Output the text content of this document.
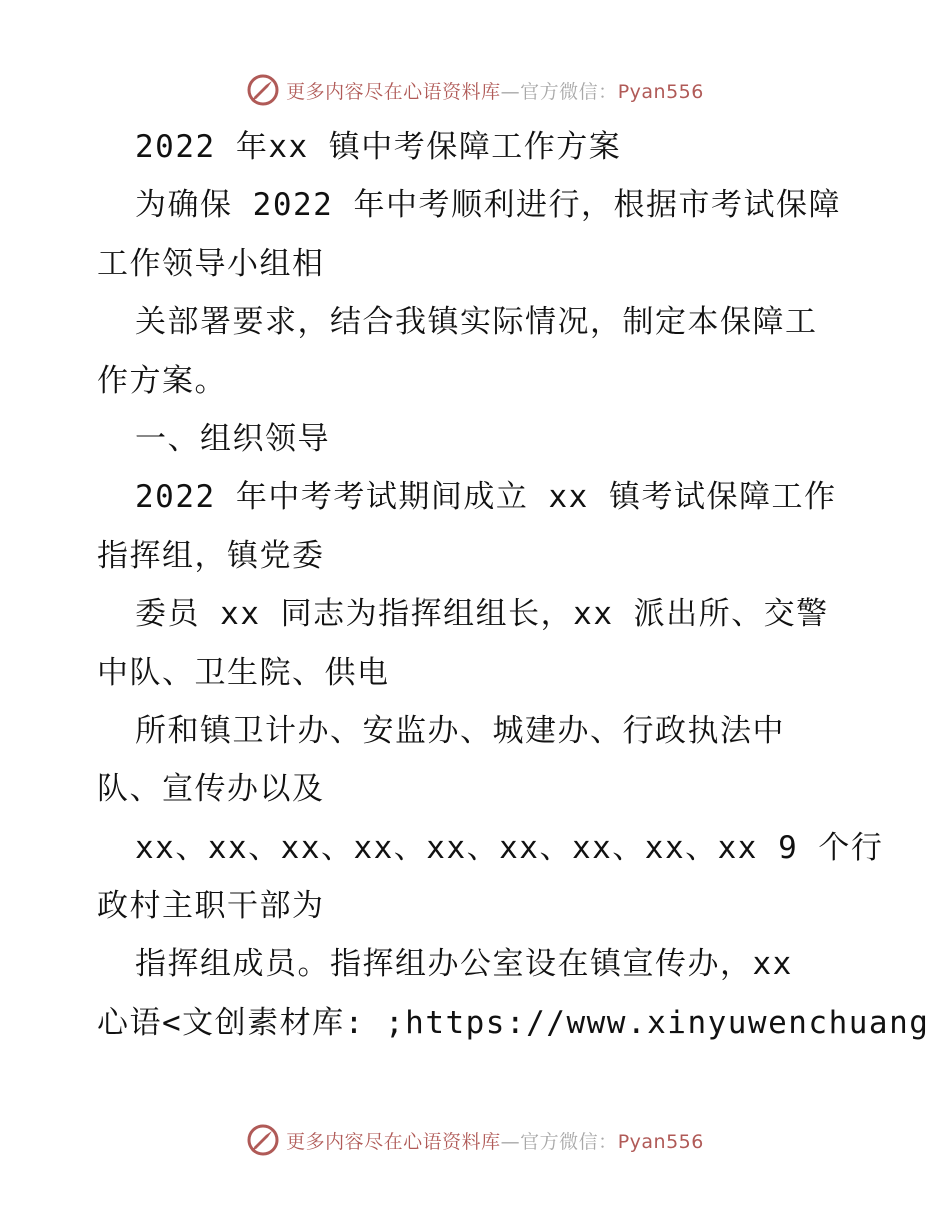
更多内容尽在心语资料库—官方微信：Pyan556
2022 年xx 镇中考保障工作方案
为确保 2022 年中考顺利进行，根据市考试保障
工作领导小组相
关部署要求，结合我镇实际情况，制定本保障工
作方案。
一、组织领导
2022 年中考考试期间成立 xx 镇考试保障工作
指挥组，镇党委
委员 xx 同志为指挥组组长，xx 派出所、交警
中队、卫生院、供电
所和镇卫计办、安监办、城建办、行政执法中
队、宣传办以及
xx、xx、xx、xx、xx、xx、xx、xx、xx 9 个行
政村主职干部为
指挥组成员。指挥组办公室设在镇宣传办，xx
心语<文创素材库: ;https://www.xinyuwenchuang
更多内容尽在心语资料库—官方微信：Pyan556
